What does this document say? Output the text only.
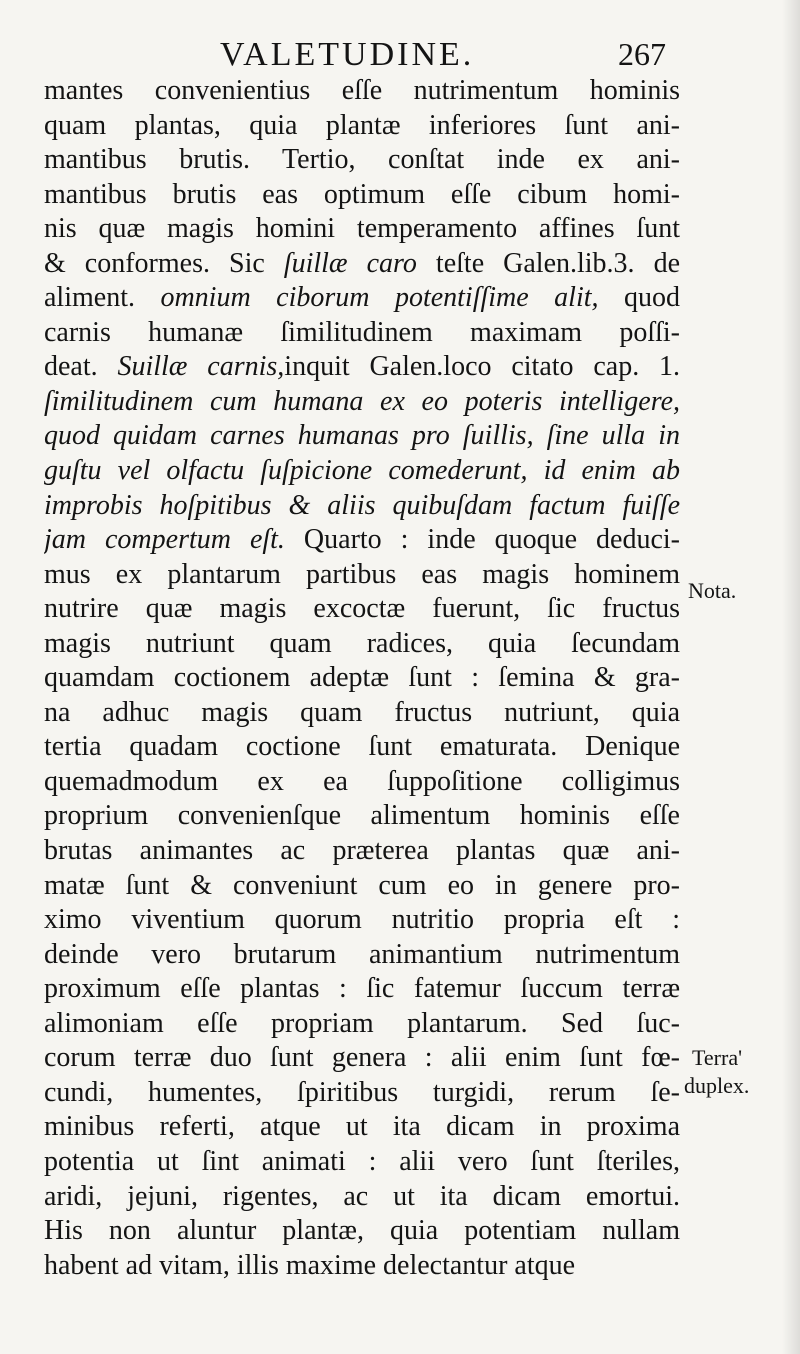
VALETUDINE.	267
mantes convenientius eſſe nutrimentum hominis
quam plantas, quia plantæ inferiores ſunt ani-
mantibus brutis. Tertio, conſtat inde ex ani-
mantibus brutis eas optimum eſſe cibum homi-
nis quæ magis homini temperamento affines ſunt
& conformes. Sic ſuillæ caro teſte Galen.lib.3. de
aliment. omnium ciborum potentiſſime alit, quod
carnis humanæ ſimilitudinem maximam poſſi-
deat. Suillæ carnis,inquit Galen.loco citato cap. 1.
ſimilitudinem cum humana ex eo poteris intelligere,
quod quidam carnes humanas pro ſuillis, ſine ulla in
guſtu vel olfactu ſuſpicione comederunt, id enim ab
improbis hoſpitibus & aliis quibuſdam factum fuiſſe
jam compertum eſt. Quarto : inde quoque deduci-
mus ex plantarum partibus eas magis hominem
nutrire quæ magis excoctæ fuerunt, ſic fructus
magis nutriunt quam radices, quia ſecundam
quamdam coctionem adeptæ ſunt : ſemina & gra-
na adhuc magis quam fructus nutriunt, quia
tertia quadam coctione ſunt ematurata. Denique
quemadmodum ex ea ſuppoſitione colligimus
proprium convenienſque alimentum hominis eſſe
brutas animantes ac præterea plantas quæ ani-
matæ ſunt & conveniunt cum eo in genere pro-
ximo viventium quorum nutritio propria eſt :
deinde vero brutarum animantium nutrimentum
proximum eſſe plantas : ſic fatemur ſuccum terræ
alimoniam eſſe propriam plantarum. Sed ſuc-
corum terræ duo ſunt genera : alii enim ſunt fœ-
cundi, humentes, ſpiritibus turgidi, rerum ſe-
minibus referti, atque ut ita dicam in proxima
potentia ut ſint animati : alii vero ſunt ſteriles,
aridi, jejuni, rigentes, ac ut ita dicam emortui.
His non aluntur plantæ, quia potentiam nullam
habent ad vitam, illis maxime delectantur atque
Nota.
Terra'
duplex.
